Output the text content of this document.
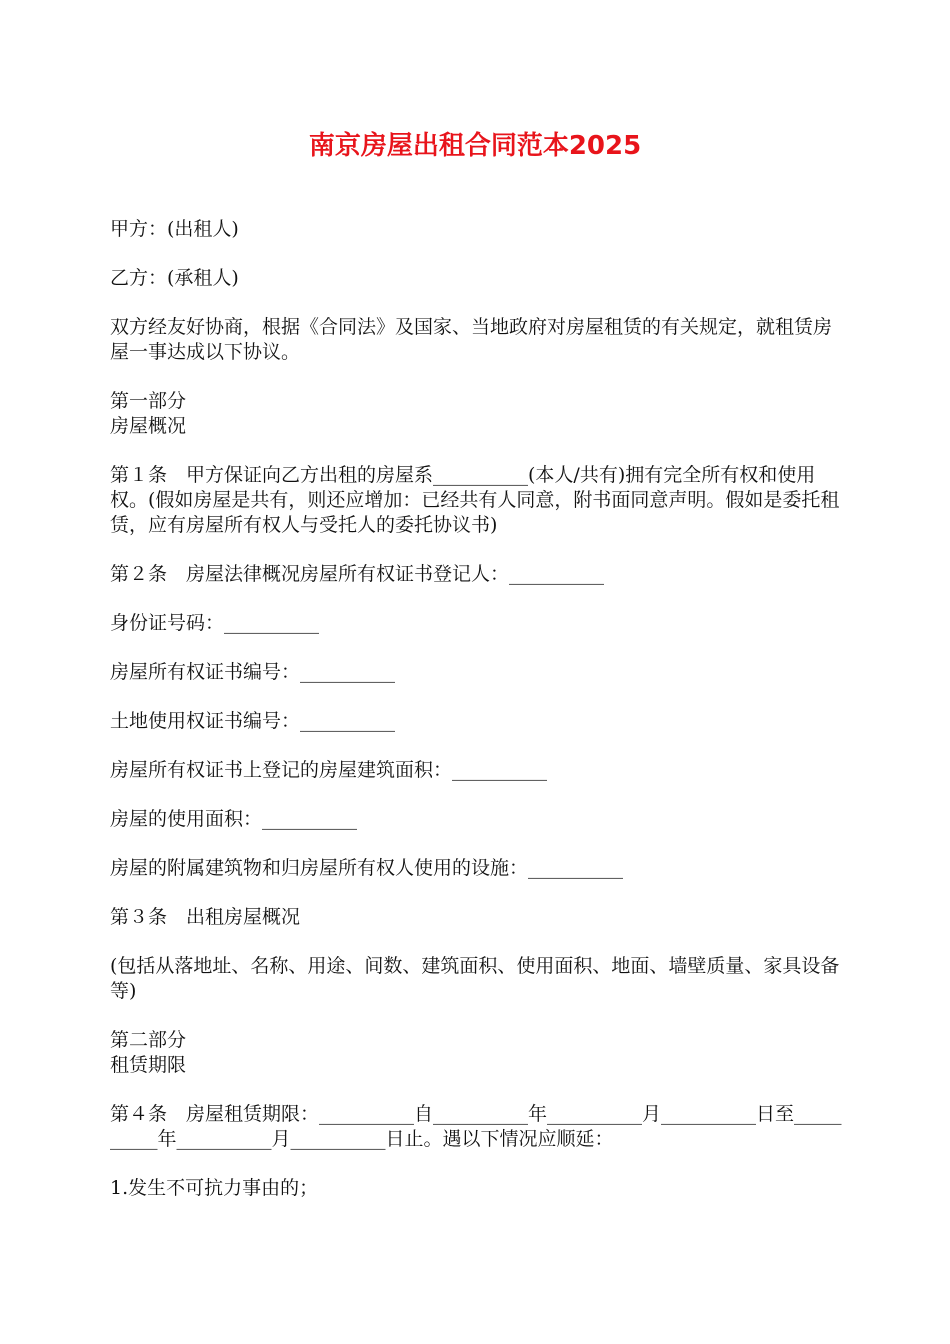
南京房屋出租合同范本2025

甲方：(出租人)

乙方：(承租人)

双方经友好协商，根据《合同法》及国家、当地政府对房屋租赁的有关规定，就租赁房屋一事达成以下协议。

第一部分
房屋概况

第１条　甲方保证向乙方出租的房屋系__________(本人/共有)拥有完全所有权和使用权。(假如房屋是共有，则还应增加：已经共有人同意，附书面同意声明。假如是委托租赁，应有房屋所有权人与受托人的委托协议书)

第２条　房屋法律概况房屋所有权证书登记人：__________

身份证号码：__________

房屋所有权证书编号：__________

土地使用权证书编号：__________

房屋所有权证书上登记的房屋建筑面积：__________

房屋的使用面积：__________

房屋的附属建筑物和归房屋所有权人使用的设施：__________

第３条　出租房屋概况

(包括从落地址、名称、用途、间数、建筑面积、使用面积、地面、墙壁质量、家具设备等)

第二部分
租赁期限

第４条　房屋租赁期限：__________自__________年__________月__________日至__________年__________月__________日止。遇以下情况应顺延：

1.发生不可抗力事由的；
